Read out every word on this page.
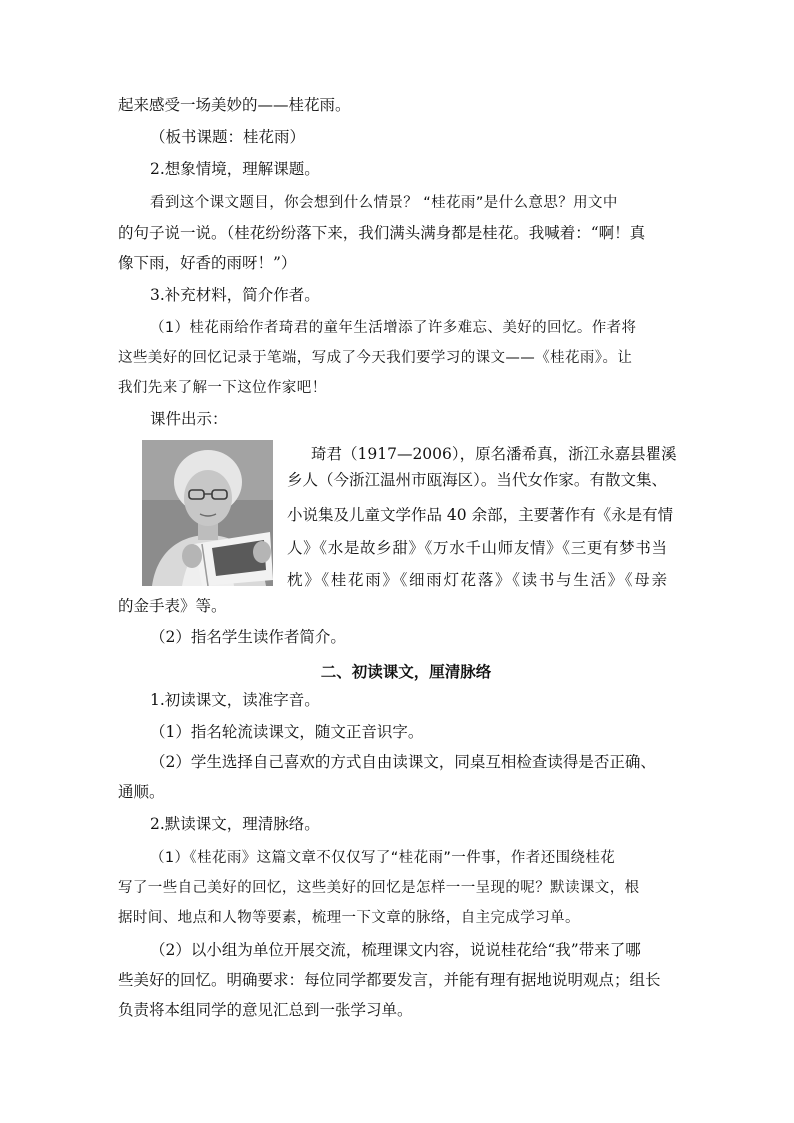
起来感受一场美妙的——桂花雨。
（板书课题：桂花雨）
2.想象情境，理解课题。
看到这个课文题目，你会想到什么情景？ “桂花雨”是什么意思？用文中
的句子说一说。（桂花纷纷落下来，我们满头满身都是桂花。我喊着：“啊！真
像下雨，好香的雨呀！”）
3.补充材料，简介作者。
（1）桂花雨给作者琦君的童年生活增添了许多难忘、美好的回忆。作者将
这些美好的回忆记录于笔端，写成了今天我们要学习的课文——《桂花雨》。让
我们先来了解一下这位作家吧！
课件出示：
琦君（1917—2006），原名潘希真，浙江永嘉县瞿溪
乡人（今浙江温州市瓯海区）。当代女作家。有散文集、
小说集及儿童文学作品 40 余部，主要著作有《永是有情
人》《水是故乡甜》《万水千山师友情》《三更有梦书当
枕》《桂花雨》《细雨灯花落》《读书与生活》《母亲
的金手表》等。
（2）指名学生读作者简介。
二、初读课文，厘清脉络
1.初读课文，读准字音。
（1）指名轮流读课文，随文正音识字。
（2）学生选择自己喜欢的方式自由读课文，同桌互相检查读得是否正确、
通顺。
2.默读课文，理清脉络。
（1）《桂花雨》这篇文章不仅仅写了“桂花雨”一件事，作者还围绕桂花
写了一些自己美好的回忆，这些美好的回忆是怎样一一呈现的呢？默读课文，根
据时间、地点和人物等要素，梳理一下文章的脉络，自主完成学习单。
（2）以小组为单位开展交流，梳理课文内容，说说桂花给“我”带来了哪
些美好的回忆。明确要求：每位同学都要发言，并能有理有据地说明观点；组长
负责将本组同学的意见汇总到一张学习单。
